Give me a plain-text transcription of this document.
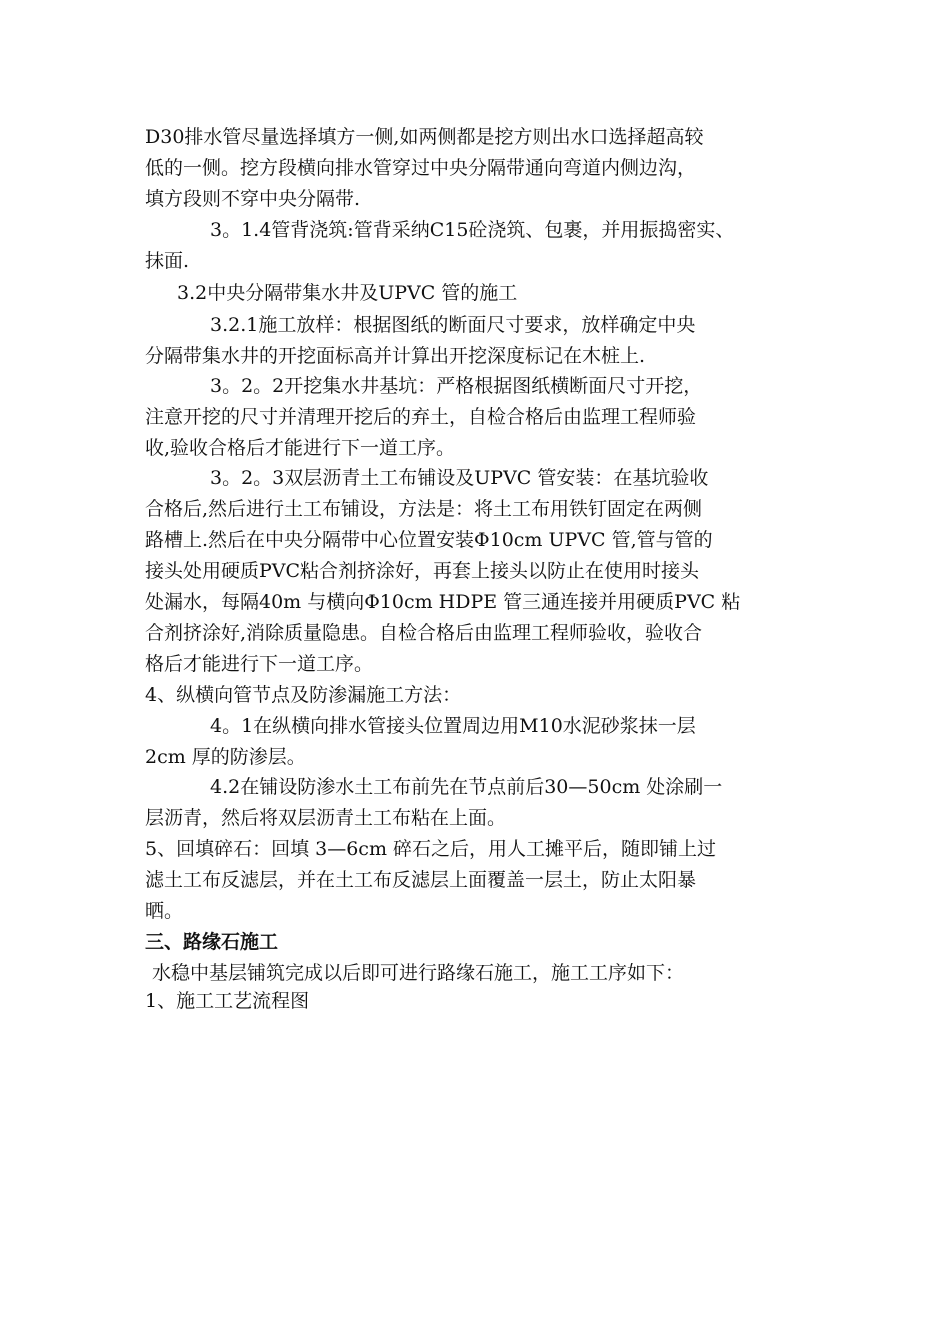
D30排水管尽量选择填方一侧,如两侧都是挖方则出水口选择超高较
低的一侧。挖方段横向排水管穿过中央分隔带通向弯道内侧边沟，
填方段则不穿中央分隔带.
3。1.4管背浇筑:管背采纳C15砼浇筑、包裹，并用振捣密实、
抹面.
3.2中央分隔带集水井及UPVC 管的施工
3.2.1施工放样：根据图纸的断面尺寸要求，放样确定中央
分隔带集水井的开挖面标高并计算出开挖深度标记在木桩上.
3。2。2开挖集水井基坑：严格根据图纸横断面尺寸开挖，
注意开挖的尺寸并清理开挖后的弃土，自检合格后由监理工程师验
收,验收合格后才能进行下一道工序。
3。2。3双层沥青土工布铺设及UPVC 管安装：在基坑验收
合格后,然后进行土工布铺设，方法是：将土工布用铁钉固定在两侧
路槽上.然后在中央分隔带中心位置安装Φ10cm UPVC 管,管与管的
接头处用硬质PVC粘合剂挤涂好，再套上接头以防止在使用时接头
处漏水，每隔40m 与横向Φ10cm HDPE 管三通连接并用硬质PVC 粘
合剂挤涂好,消除质量隐患。自检合格后由监理工程师验收，验收合
格后才能进行下一道工序。
4、纵横向管节点及防渗漏施工方法：
4。1在纵横向排水管接头位置周边用M10水泥砂浆抹一层
2cm 厚的防渗层。
4.2在铺设防渗水土工布前先在节点前后30—50cm 处涂刷一
层沥青，然后将双层沥青土工布粘在上面。
5、回填碎石：回填 3—6cm 碎石之后，用人工摊平后，随即铺上过
滤土工布反滤层，并在土工布反滤层上面覆盖一层土，防止太阳暴
晒。
三、路缘石施工
水稳中基层铺筑完成以后即可进行路缘石施工，施工工序如下：
1、施工工艺流程图
